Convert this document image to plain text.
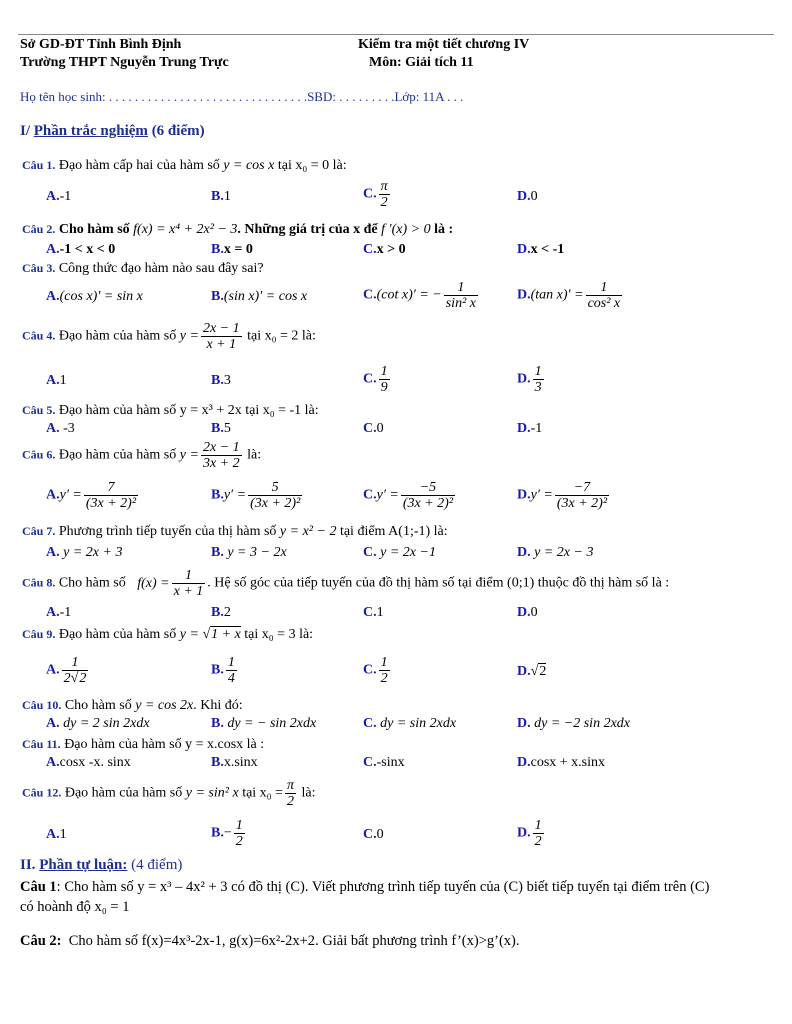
Sở GD-ĐT Tỉnh Bình Định
Trường THPT Nguyễn Trung Trực
Kiểm tra một tiết chương IV
Môn: Giải tích 11
Họ tên học sinh: . . . . . . . . . . . . . . . . . . . . . . . . . . . . . . .SBD: . . . . . . . . .Lớp: 11A . . .
I/ Phần trắc nghiệm (6 điểm)
Câu 1. Đạo hàm cấp hai của hàm số y = cos x tại x₀ = 0 là:
A.-1	B.1	C. $\frac{\pi}{2}$	D.0
Câu 2. Cho hàm số f(x) = x⁴ + 2x² − 3. Những giá trị của x để f ′(x) > 0 là :
A.-1 < x < 0	B.x = 0	C.x > 0	D.x < -1
Câu 3. Công thức đạo hàm nào sau đây sai?
A.(cos x)′ = sin x	B.(sin x)′ = cos x	C.(cot x)′ = − $\frac{1}{\text{sin² x}}$	D.(tan $x)' = \frac{1}{\text{cos² x}}$
Câu 4. Đạo hàm của hàm số $y = \frac{2x - 1}{x + 1}$ tại x₀ = 2 là:
A.1	B.3	C. $\frac{1}{9}$	D. $\frac{1}{3}$
Câu 5. Đạo hàm của hàm số y = x³ + 2x tại x₀ = -1 là:
A. -3	B.5	C.0	D.-1
Câu 6. Đạo hàm của hàm số $y = \frac{2x - 1}{3x + 2}$ là:
$A.y' = \frac{7}{\text{(3x + 2)²}}$	$B.y' = \frac{5}{\text{(3x + 2)²}}$	$C.y' = \frac{-5}{\text{(3x + 2)²}}$	$D.y' = \frac{-7}{\text{(3x + 2)²}}$
Câu 7. Phương trình tiếp tuyến của thị hàm số y = x² − 2 tại điểm A(1;-1) là:
A. y = 2x + 3	B. y = 3 − 2x	C. y = 2x −1	D. y = 2x − 3
Câu 8. Cho hàm số $f(x) = \frac{1}{x + 1}$ . Hệ số góc của tiếp tuyến của đồ thị hàm số tại điểm (0;1) thuộc đồ thị hàm số là :
A.-1	B.2	C.1	D.0
Câu 9. Đạo hàm của hàm số y = √1 + x tại x₀ = 3 là:
A. $\frac{1}{2√2}$	B. $\frac{1}{4}$	C. $\frac{1}{2}$	D.√2
Câu 10. Cho hàm số y = cos 2x. Khi đó:
A. dy = 2 sin 2xdx	B. dy = − sin 2xdx	C. dy = sin 2xdx	D. dy = −2 sin 2xdx
Câu 11. Đạo hàm của hàm số y = x.cosx là :
A.cosx -x. sinx	B.x.sinx	C.-sinx	D.cosx + x.sinx
Câu 12. Đạo hàm của hàm số y = sin² x tại $x_0 = \frac{\pi}{2}$ là:
A.1	$B.- \frac{1}{2}$	C.0	D. $\frac{1}{2}$
II. Phần tự luận: (4 điểm)
Câu 1: Cho hàm số y = x³ – 4x² + 3 có đồ thị (C). Viết phương trình tiếp tuyến của (C) biết tiếp tuyến tại điểm trên (C)
có hoành độ x₀ = 1
Câu 2: Cho hàm số f(x)=4x³-2x-1, g(x)=6x²-2x+2. Giải bất phương trình f’(x)>g’(x).
